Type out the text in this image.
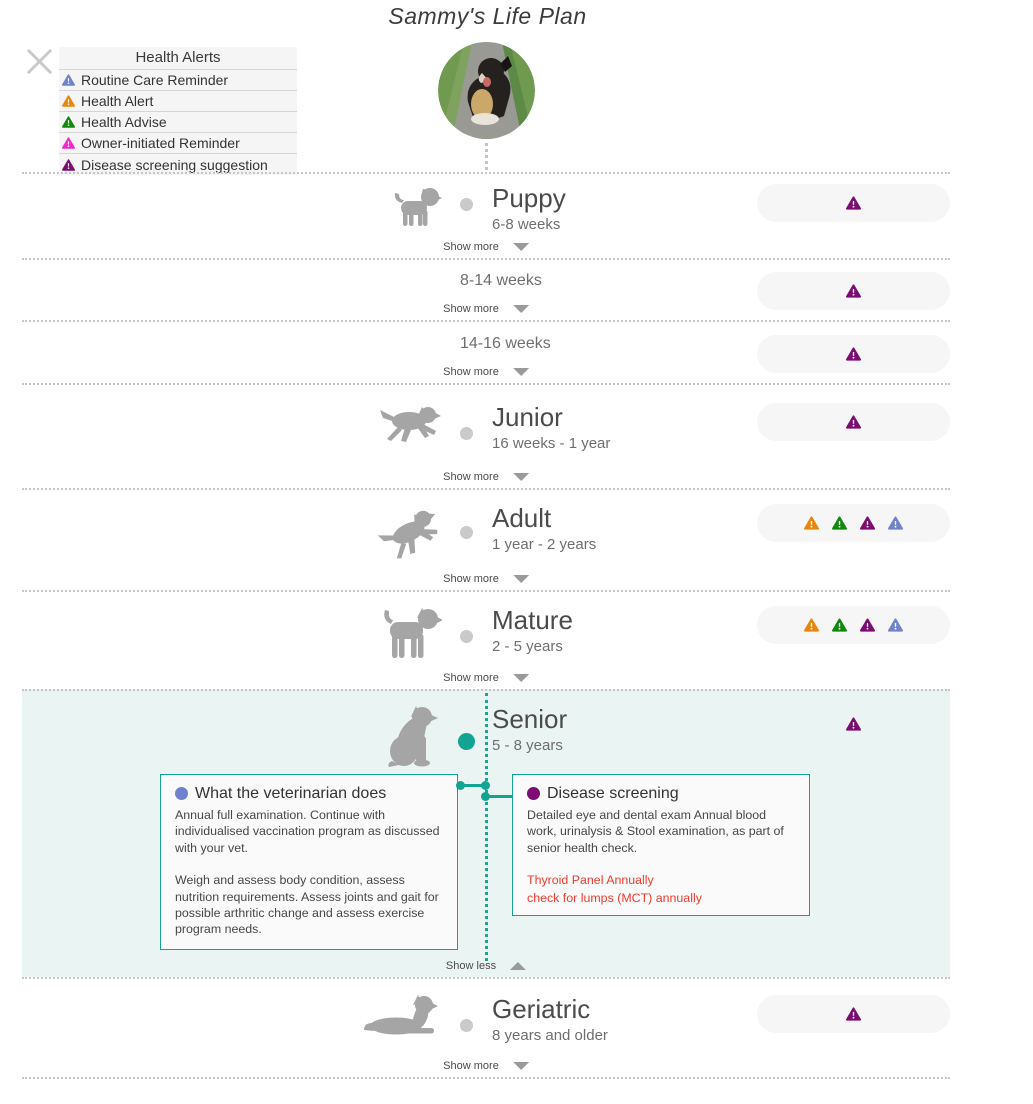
Sammy's Life Plan
Health Alerts
Routine Care Reminder
Health Alert
Health Advise
Owner-initiated Reminder
Disease screening suggestion
Puppy
6-8 weeks
Show more
8-14 weeks
Show more
14-16 weeks
Show more
Junior
16 weeks - 1 year
Show more
Adult
1 year - 2 years
Show more
Mature
2 - 5 years
Show more
Senior
5 - 8 years
What the veterinarian does
Annual full examination. Continue with individualised vaccination program as discussed with your vet.
Weigh and assess body condition, assess nutrition requirements. Assess joints and gait for possible arthritic change and assess exercise program needs.
Disease screening
Detailed eye and dental exam Annual blood work, urinalysis & Stool examination, as part of senior health check.
Thyroid Panel Annually
check for lumps (MCT) annually
Show less
Geriatric
8 years and older
Show more
